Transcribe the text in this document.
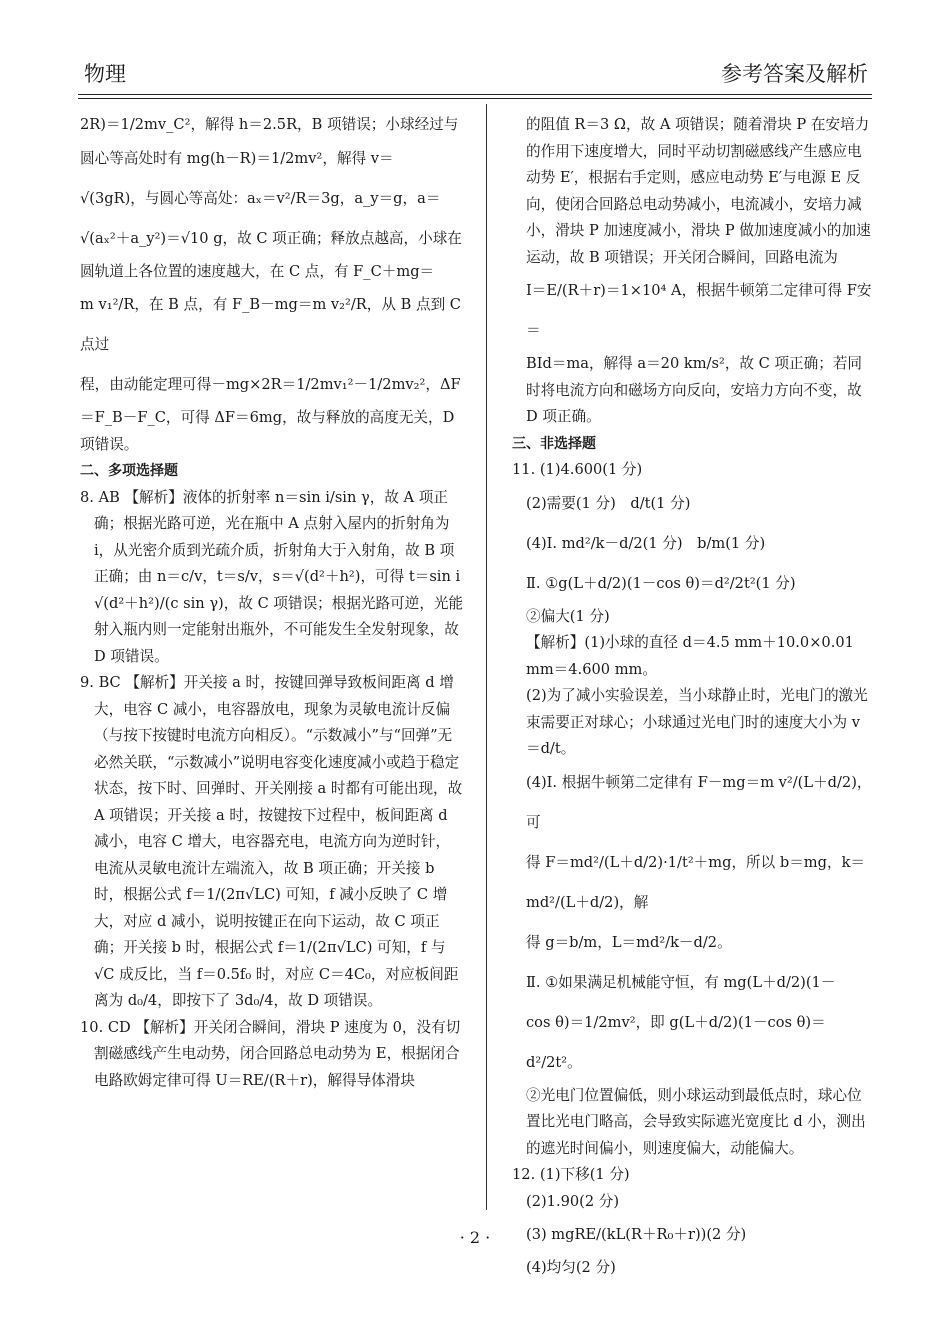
物理	参考答案及解析

2R)＝1/2mv_C²，解得 h＝2.5R，B 项错误；小球经过与

圆心等高处时有 mg(h－R)＝1/2mv²，解得 v＝

√(3gR)，与圆心等高处：aₓ＝v²/R＝3g，a_y＝g，a＝

√(aₓ²＋a_y²)＝√10 g，故 C 项正确；释放点越高，小球在

圆轨道上各位置的速度越大，在 C 点，有 F_C＋mg＝

m v₁²/R，在 B 点，有 F_B－mg＝m v₂²/R，从 B 点到 C 点过

程，由动能定理可得－mg×2R＝1/2mv₁²－1/2mv₂²，ΔF

＝F_B－F_C，可得 ΔF＝6mg，故与释放的高度无关，D

项错误。

二、多项选择题

8. AB 【解析】液体的折射率 n＝sin i/sin γ，故 A 项正确；根据光路可逆，光在瓶中 A 点射入屋内的折射角为 i，从光密介质到光疏介质，折射角大于入射角，故 B 项正确；由 n＝c/v，t＝s/v，s＝√(d²＋h²)，可得 t＝sin i √(d²＋h²)/(c sin γ)，故 C 项错误；根据光路可逆，光能射入瓶内则一定能射出瓶外，不可能发生全发射现象，故 D 项错误。

9. BC 【解析】开关接 a 时，按键回弹导致板间距离 d 增大，电容 C 减小，电容器放电，现象为灵敏电流计反偏（与按下按键时电流方向相反）。“示数减小”与“回弹”无必然关联，“示数减小”说明电容变化速度减小或趋于稳定状态，按下时、回弹时、开关刚接 a 时都有可能出现，故 A 项错误；开关接 a 时，按键按下过程中，板间距离 d 减小，电容 C 增大，电容器充电，电流方向为逆时针，电流从灵敏电流计左端流入，故 B 项正确；开关接 b 时，根据公式 f＝1/(2π√LC) 可知，f 减小反映了 C 增大，对应 d 减小，说明按键正在向下运动，故 C 项正确；开关接 b 时，根据公式 f＝1/(2π√LC) 可知，f 与√C 成反比，当 f＝0.5f₀ 时，对应 C＝4C₀，对应板间距离为 d₀/4，即按下了 3d₀/4，故 D 项错误。

10. CD 【解析】开关闭合瞬间，滑块 P 速度为 0，没有切割磁感线产生电动势，闭合回路总电动势为 E，根据闭合电路欧姆定律可得 U＝RE/(R＋r)，解得导体滑块

的阻值 R＝3 Ω，故 A 项错误；随着滑块 P 在安培力的作用下速度增大，同时平动切割磁感线产生感应电动势 E′，根据右手定则，感应电动势 E′与电源 E 反向，使闭合回路总电动势减小，电流减小，安培力减小，滑块 P 加速度减小，滑块 P 做加速度减小的加速运动，故 B 项错误；开关闭合瞬间，回路电流为

I＝E/(R＋r)＝1×10⁴ A，根据牛顿第二定律可得 F安＝

BId＝ma，解得 a＝20 km/s²，故 C 项正确；若同时将电流方向和磁场方向反向，安培力方向不变，故 D 项正确。

三、非选择题

11. (1)4.600(1 分)

(2)需要(1 分)　d/t(1 分)

(4)Ⅰ. md²/k－d/2(1 分)　b/m(1 分)

Ⅱ. ①g(L＋d/2)(1－cos θ)＝d²/2t²(1 分)

②偏大(1 分)

【解析】(1)小球的直径 d＝4.5 mm＋10.0×0.01 mm＝4.600 mm。

(2)为了减小实验误差，当小球静止时，光电门的激光束需要正对球心；小球通过光电门时的速度大小为 v＝d/t。

(4)Ⅰ. 根据牛顿第二定律有 F－mg＝m v²/(L＋d/2)，可

得 F＝md²/(L＋d/2)·1/t²＋mg，所以 b＝mg，k＝md²/(L＋d/2)，解

得 g＝b/m，L＝md²/k－d/2。

Ⅱ. ①如果满足机械能守恒，有 mg(L＋d/2)(1－

cos θ)＝1/2mv²，即 g(L＋d/2)(1－cos θ)＝d²/2t²。

②光电门位置偏低，则小球运动到最低点时，球心位置比光电门略高，会导致实际遮光宽度比 d 小，测出的遮光时间偏小，则速度偏大，动能偏大。

12. (1)下移(1 分)

(2)1.90(2 分)

(3) mgRE/(kL(R＋R₀＋r))(2 分)

(4)均匀(2 分)

· 2 ·
